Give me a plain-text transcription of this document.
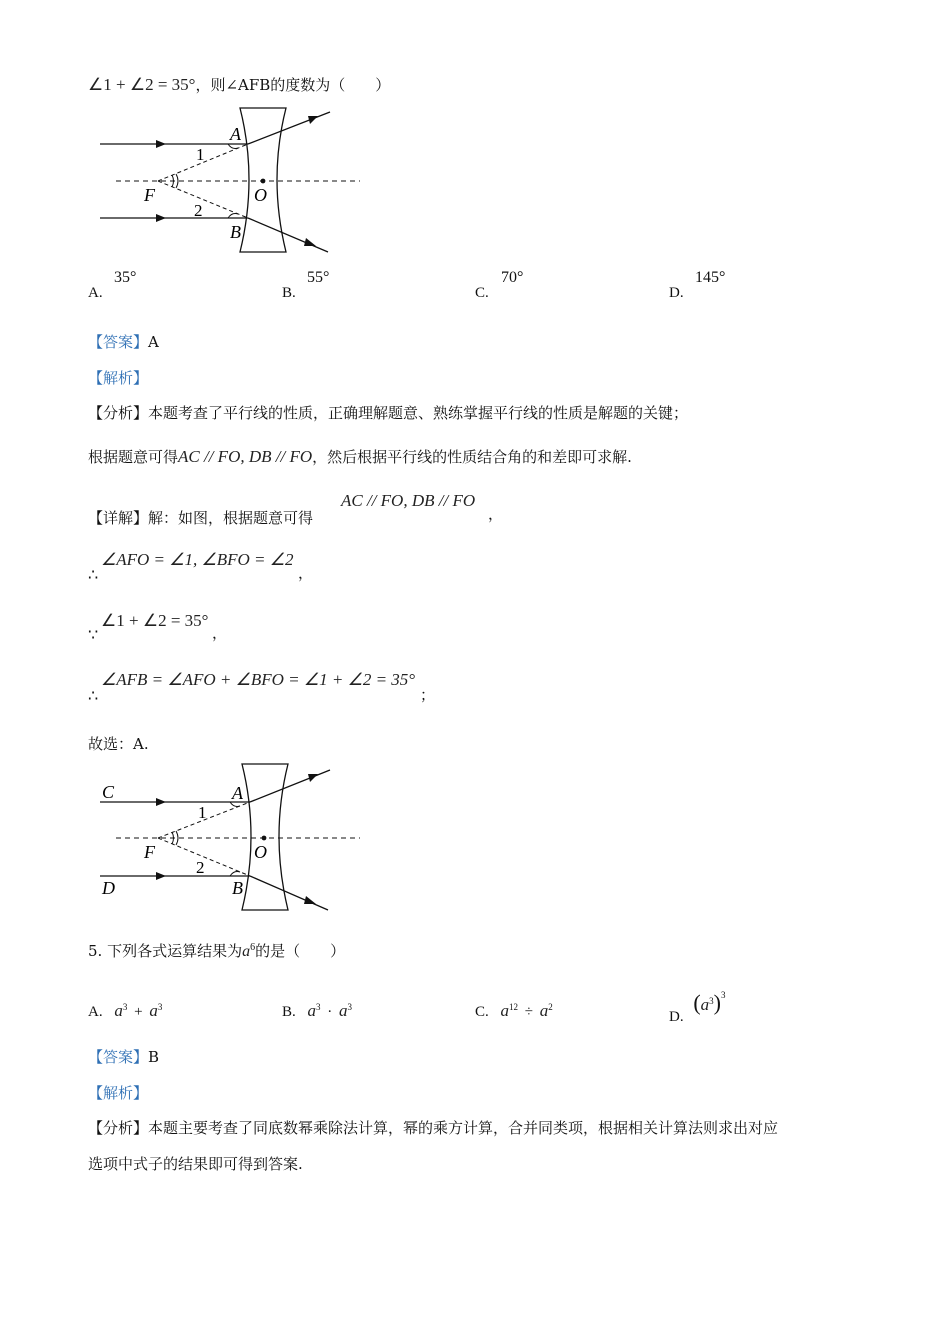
∠1 + ∠2 = 35°，则∠AFB的度数为（　　）
A
1
F	O
2
B
A.
35°
B.
55°
C.
70°
D.
145°
【答案】A
【解析】
【分析】本题考查了平行线的性质，正确理解题意、熟练掌握平行线的性质是解题的关键；
根据题意可得AC // FO, DB // FO，然后根据平行线的性质结合角的和差即可求解.
【详解】解：如图，根据题意可得
AC // FO, DB // FO
，
∴
∠AFO = ∠1, ∠BFO = ∠2
，
∵
∠1 + ∠2 = 35°
，
∴
∠AFB = ∠AFO + ∠BFO = ∠1 + ∠2 = 35°
；
故选：A.
C	A
1
F	O
2
D	B
5. 下列各式运算结果为$a^6$的是（　　）
A. $a^3 + a^3$	B. $a^3 \cdot a^3$	C. $a^{12} \div a^2$
D. $(a^3)^3$
【答案】B
【解析】
【分析】本题主要考查了同底数幂乘除法计算，幂的乘方计算，合并同类项，根据相关计算法则求出对应
选项中式子的结果即可得到答案.
